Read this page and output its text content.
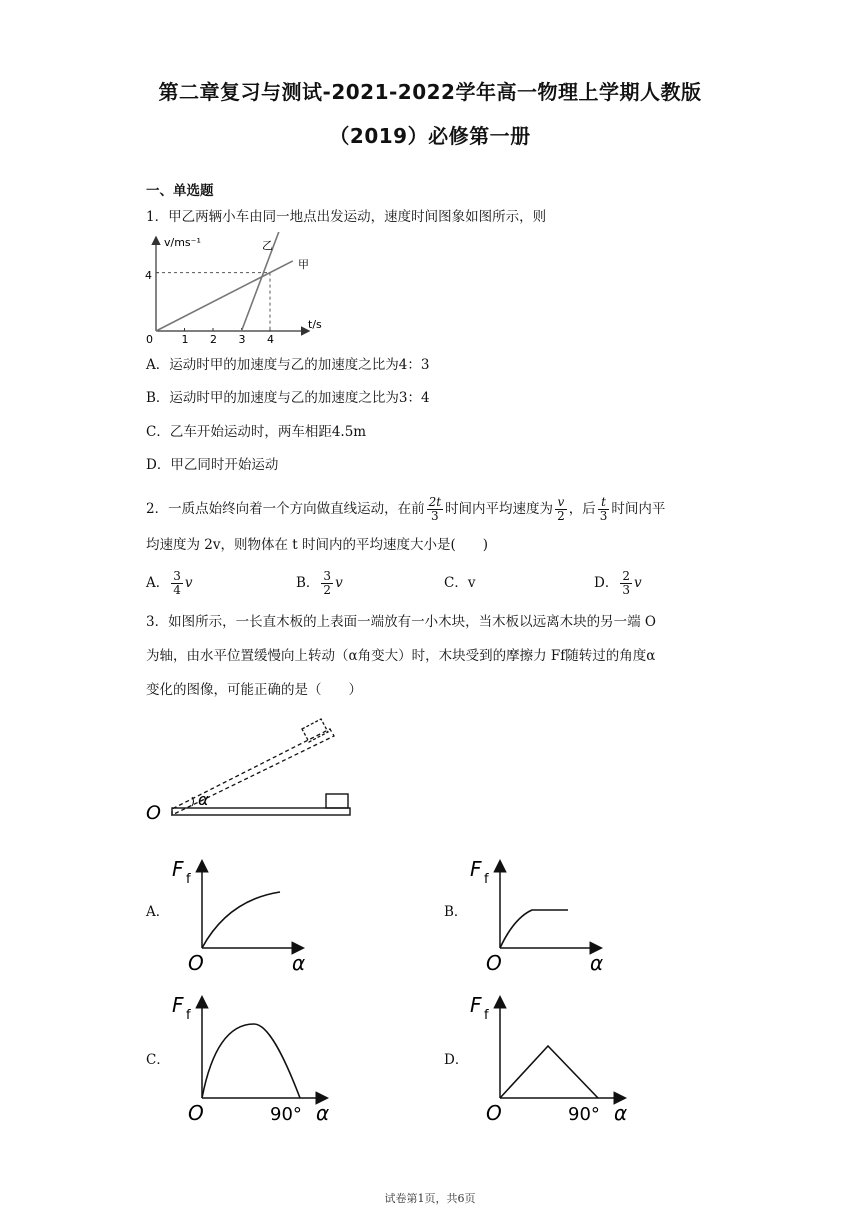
第二章复习与测试-2021-2022学年高一物理上学期人教版
（2019）必修第一册
一、单选题
1．甲乙两辆小车由同一地点出发运动，速度时间图象如图所示，则
v/ms⁻¹
t/s
4
0
甲
乙
1 2 3 4
A．运动时甲的加速度与乙的加速度之比为4：3
B．运动时甲的加速度与乙的加速度之比为3：4
C．乙车开始运动时，两车相距4.5m
D．甲乙同时开始运动
2．一质点始终向着一个方向做直线运动，在前 $\frac{2t}{3}$ 时间内平均速度为 $\frac{v}{2}$ ，后 $\frac{t}{3}$ 时间内平
均速度为 2v，则物体在 t 时间内的平均速度大小是(　　)
A． $\frac{3}{4}$ v	B． $\frac{3}{2}$ v	C．v	D． $\frac{2}{3}$ v
3．如图所示，一长直木板的上表面一端放有一小木块，当木板以远离木块的另一端 O
为轴，由水平位置缓慢向上转动（α角变大）时，木块受到的摩擦力 Ff随转过的角度α
变化的图像，可能正确的是（　　）
O
α
A．	B．
C．	D．
F f
O	α
F f
O	α
F f
O	α
90°
F f
O	α
90°
试卷第1页，共6页
